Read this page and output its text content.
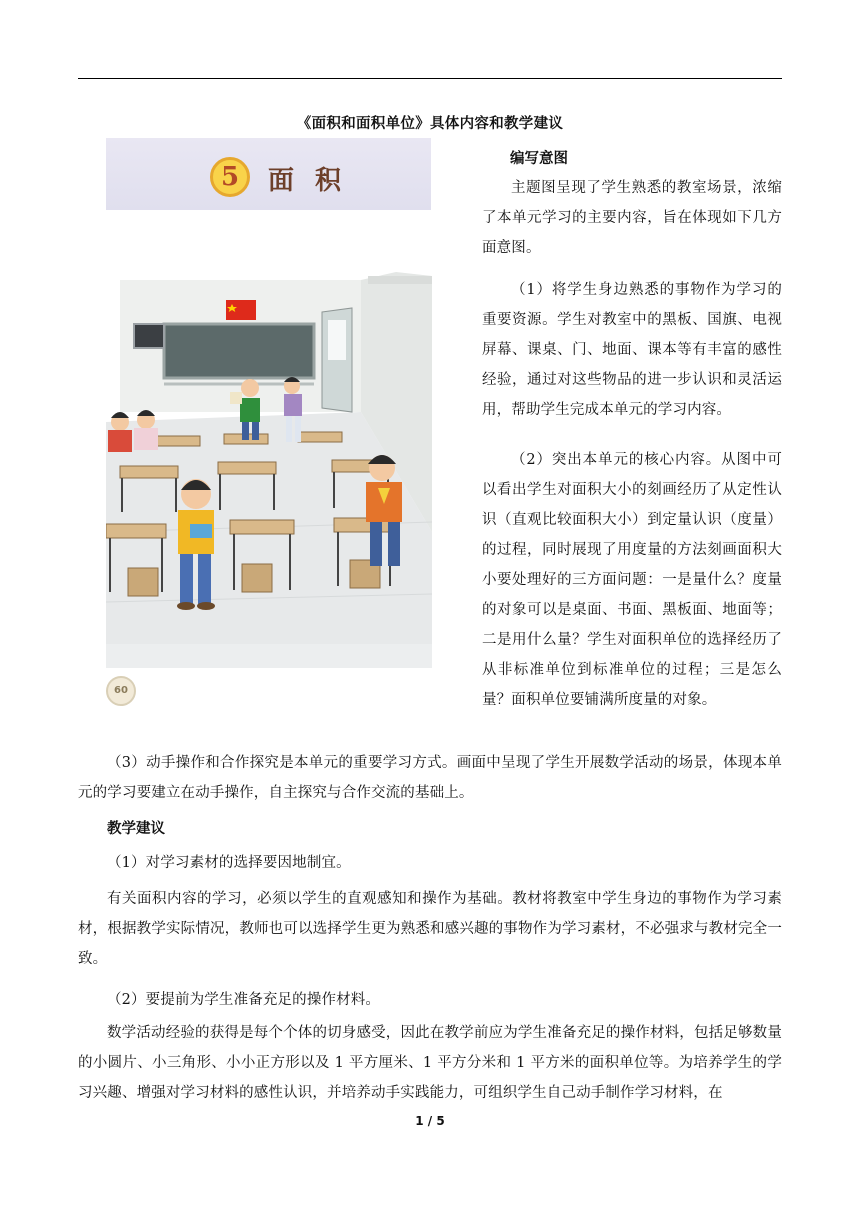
《面积和面积单位》具体内容和教学建议
5	面 积
60
编写意图

主题图呈现了学生熟悉的教室场景，浓缩了本单元学习的主要内容，旨在体现如下几方面意图。

（1）将学生身边熟悉的事物作为学习的重要资源。学生对教室中的黑板、国旗、电视屏幕、课桌、门、地面、课本等有丰富的感性经验，通过对这些物品的进一步认识和灵活运用，帮助学生完成本单元的学习内容。

（2）突出本单元的核心内容。从图中可以看出学生对面积大小的刻画经历了从定性认识（直观比较面积大小）到定量认识（度量）的过程，同时展现了用度量的方法刻画面积大小要处理好的三方面问题：一是量什么？度量的对象可以是桌面、书面、黑板面、地面等；二是用什么量？学生对面积单位的选择经历了从非标准单位到标准单位的过程；三是怎么量？面积单位要铺满所度量的对象。

（3）动手操作和合作探究是本单元的重要学习方式。画面中呈现了学生开展数学活动的场景，体现本单元的学习要建立在动手操作，自主探究与合作交流的基础上。

教学建议

（1）对学习素材的选择要因地制宜。

有关面积内容的学习，必须以学生的直观感知和操作为基础。教材将教室中学生身边的事物作为学习素材，根据教学实际情况，教师也可以选择学生更为熟悉和感兴趣的事物作为学习素材，不必强求与教材完全一致。

（2）要提前为学生准备充足的操作材料。

数学活动经验的获得是每个个体的切身感受，因此在教学前应为学生准备充足的操作材料，包括足够数量的小圆片、小三角形、小小正方形以及 1 平方厘米、1 平方分米和 1 平方米的面积单位等。为培养学生的学习兴趣、增强对学习材料的感性认识，并培养动手实践能力，可组织学生自己动手制作学习材料，在

1 / 5
